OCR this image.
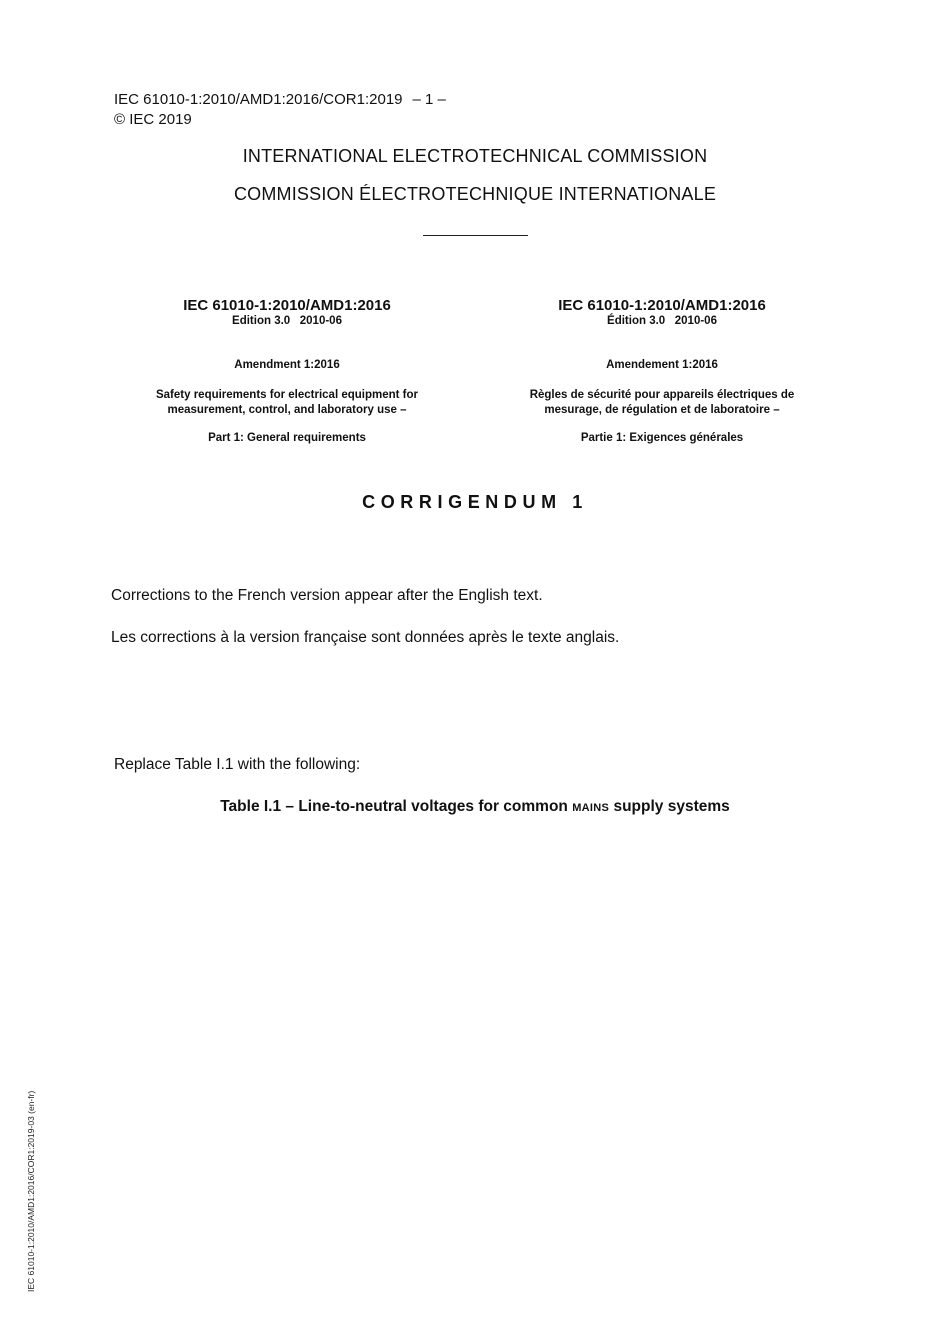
IEC 61010-1:2010/AMD1:2016/COR1:2019 – 1 –
© IEC 2019
INTERNATIONAL ELECTROTECHNICAL COMMISSION
COMMISSION ÉLECTROTECHNIQUE INTERNATIONALE
IEC 61010-1:2010/AMD1:2016
Edition 3.0   2010-06
Amendment 1:2016
Safety requirements for electrical equipment for
measurement, control, and laboratory use –
Part 1: General requirements
IEC 61010-1:2010/AMD1:2016
Édition 3.0   2010-06
Amendement 1:2016
Règles de sécurité pour appareils électriques de
mesurage, de régulation et de laboratoire –
Partie 1: Exigences générales
CORRIGENDUM 1
Corrections to the French version appear after the English text.
Les corrections à la version française sont données après le texte anglais.
Replace Table I.1 with the following:
Table I.1 – Line-to-neutral voltages for common MAINS supply systems
IEC 61010-1:2010/AMD1:2016/COR1:2019-03 (en-fr)
